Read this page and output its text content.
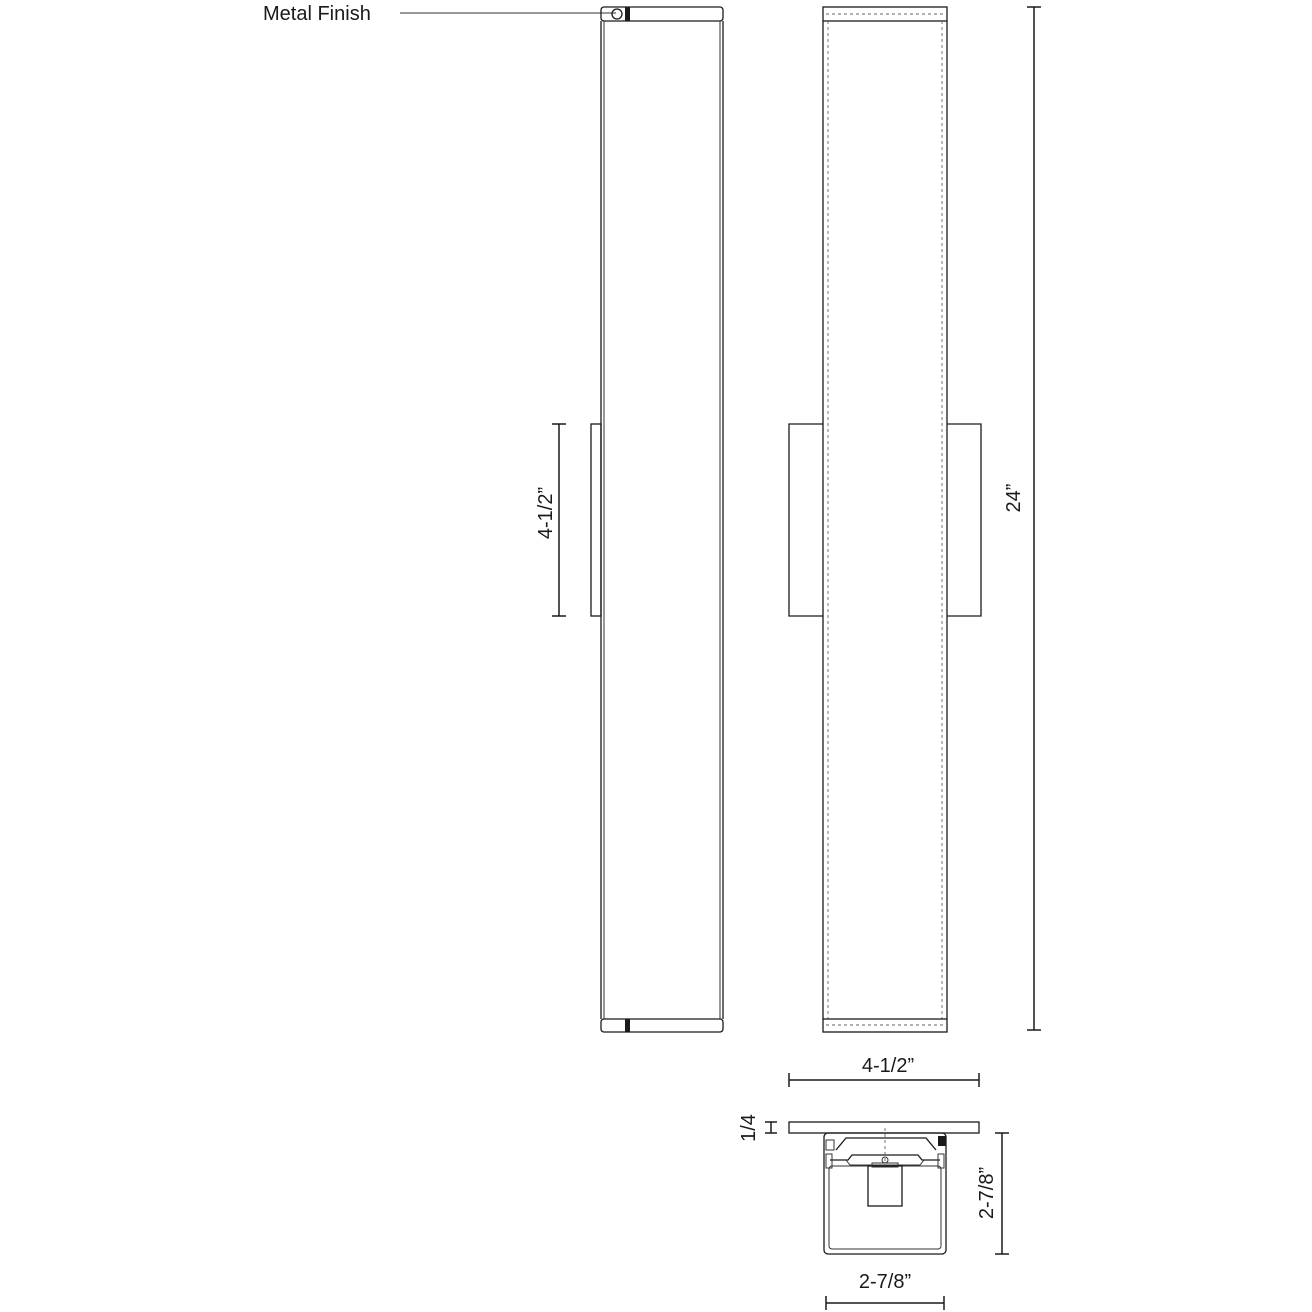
Metal Finish
4-1/2”	24”
4-1/2”
1/4
2-7/8”
2-7/8”
